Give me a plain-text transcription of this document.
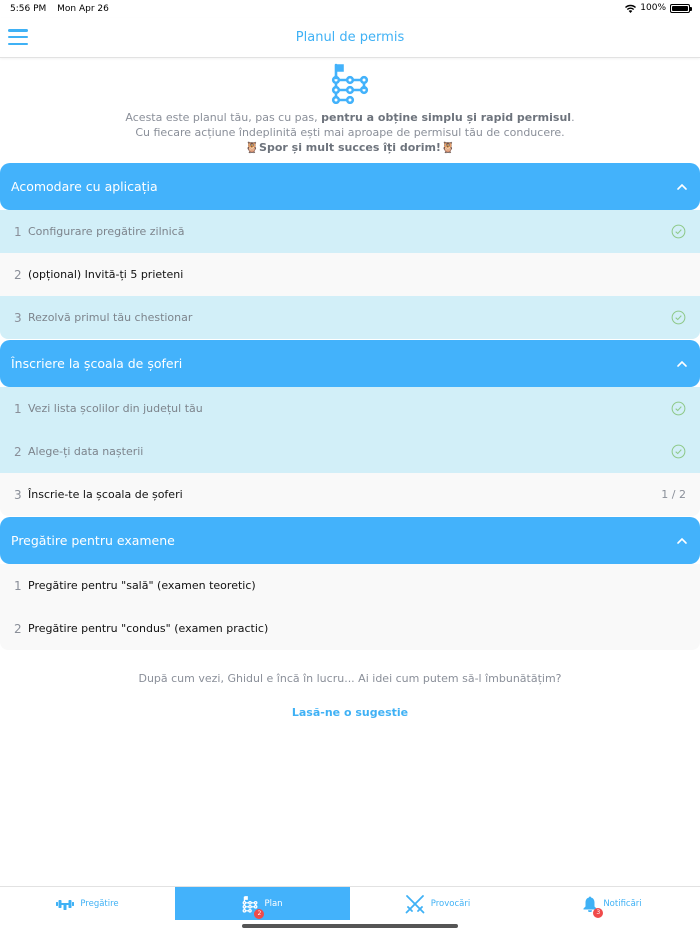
5:56 PM Mon Apr 26	100%
Planul de permis
Acesta este planul tău, pas cu pas, pentru a obține simplu și rapid permisul.
Cu fiecare acțiune îndeplinită ești mai aproape de permisul tău de conducere.
🦉Spor și mult succes îți dorim!🦉
Acomodare cu aplicația
1 Configurare pregătire zilnică
2 (opțional) Invită-ți 5 prieteni
3 Rezolvă primul tău chestionar
Înscriere la școala de șoferi
1 Vezi lista școlilor din județul tău
2 Alege-ți data nașterii
3 Înscrie-te la școala de șoferi	1 / 2
Pregătire pentru examene
1 Pregătire pentru "sală" (examen teoretic)
2 Pregătire pentru "condus" (examen practic)
După cum vezi, Ghidul e încă în lucru... Ai idei cum putem să-l îmbunătățim?
Lasă-ne o sugestie
Pregătire
2
Plan	Provocări
3
Notificări
